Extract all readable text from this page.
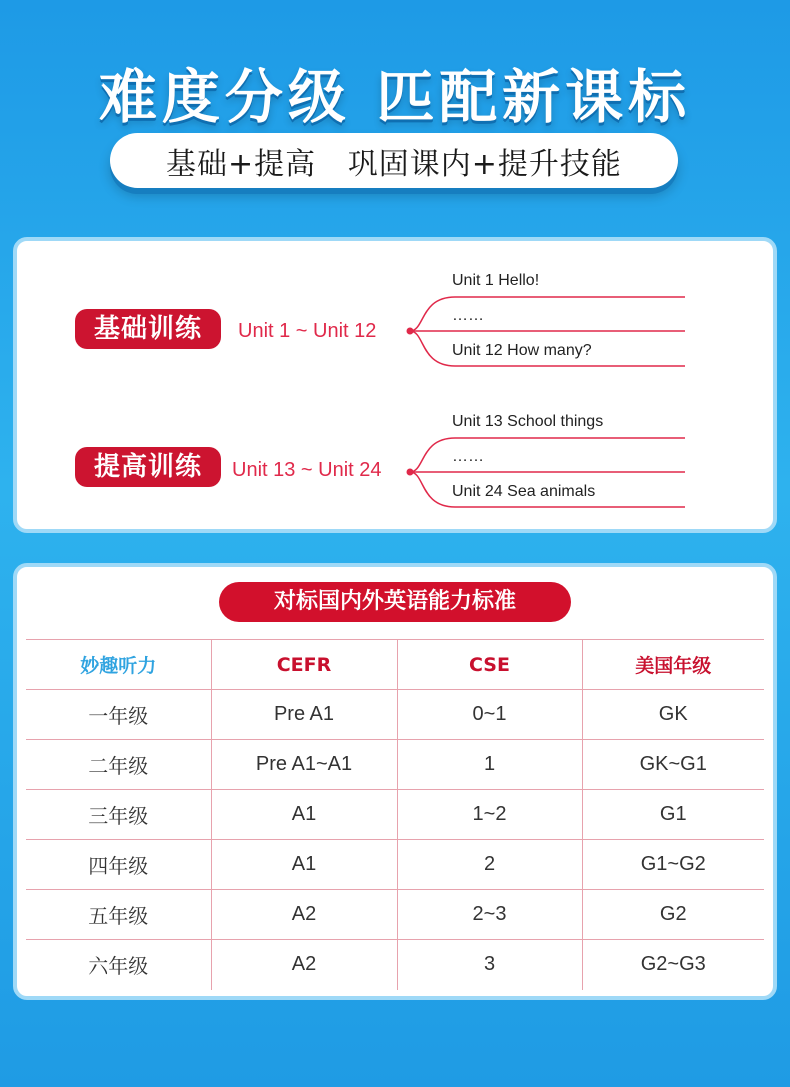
难度分级 匹配新课标
基础+提高   巩固课内+提升技能
基础训练	Unit 1 ~ Unit 12
提高训练	Unit 13 ~ Unit 24
Unit 1 Hello!
……
Unit 12 How many?
Unit 13 School things
……
Unit 24 Sea animals
对标国内外英语能力标准
妙趣听力	CEFR	CSE	美国年级
一年级	Pre A1	0~1	GK
二年级	Pre A1~A1	1	GK~G1
三年级	A1	1~2	G1
四年级	A1	2	G1~G2
五年级	A2	2~3	G2
六年级	A2	3	G2~G3
